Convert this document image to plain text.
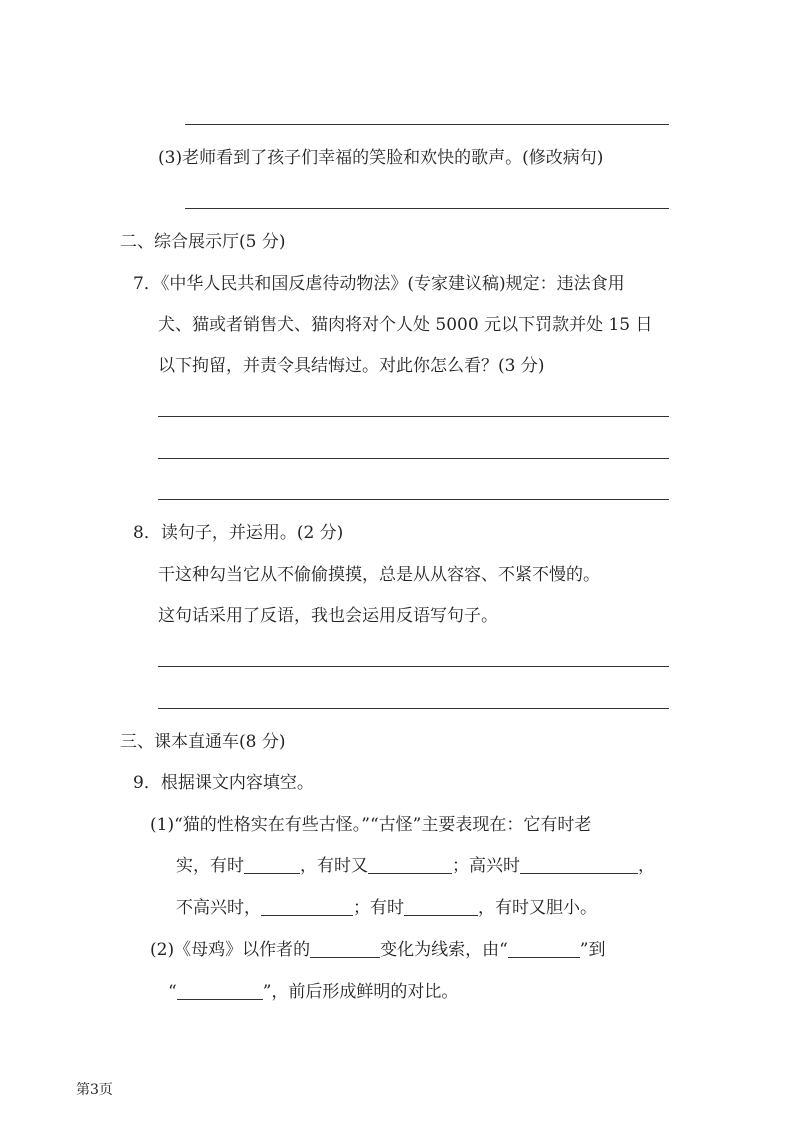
(3)老师看到了孩子们幸福的笑脸和欢快的歌声。(修改病句)
二、综合展示厅(5 分)
7．《中华人民共和国反虐待动物法》(专家建议稿)规定：违法食用
犬、猫或者销售犬、猫肉将对个人处 5000 元以下罚款并处 15 日
以下拘留，并责令具结悔过。对此你怎么看？(3 分)
8．读句子，并运用。(2 分)
干这种勾当它从不偷偷摸摸，总是从从容容、不紧不慢的。
这句话采用了反语，我也会运用反语写句子。
三、课本直通车(8 分)
9．根据课文内容填空。
(1)“猫的性格实在有些古怪。”“古怪”主要表现在：它有时老
实，有时	，有时又	；高兴时	，
不高兴时，	；有时	，有时又胆小。
(2)《母鸡》以作者的	变化为线索，由“	”到
“	”，前后形成鲜明的对比。
第3页
